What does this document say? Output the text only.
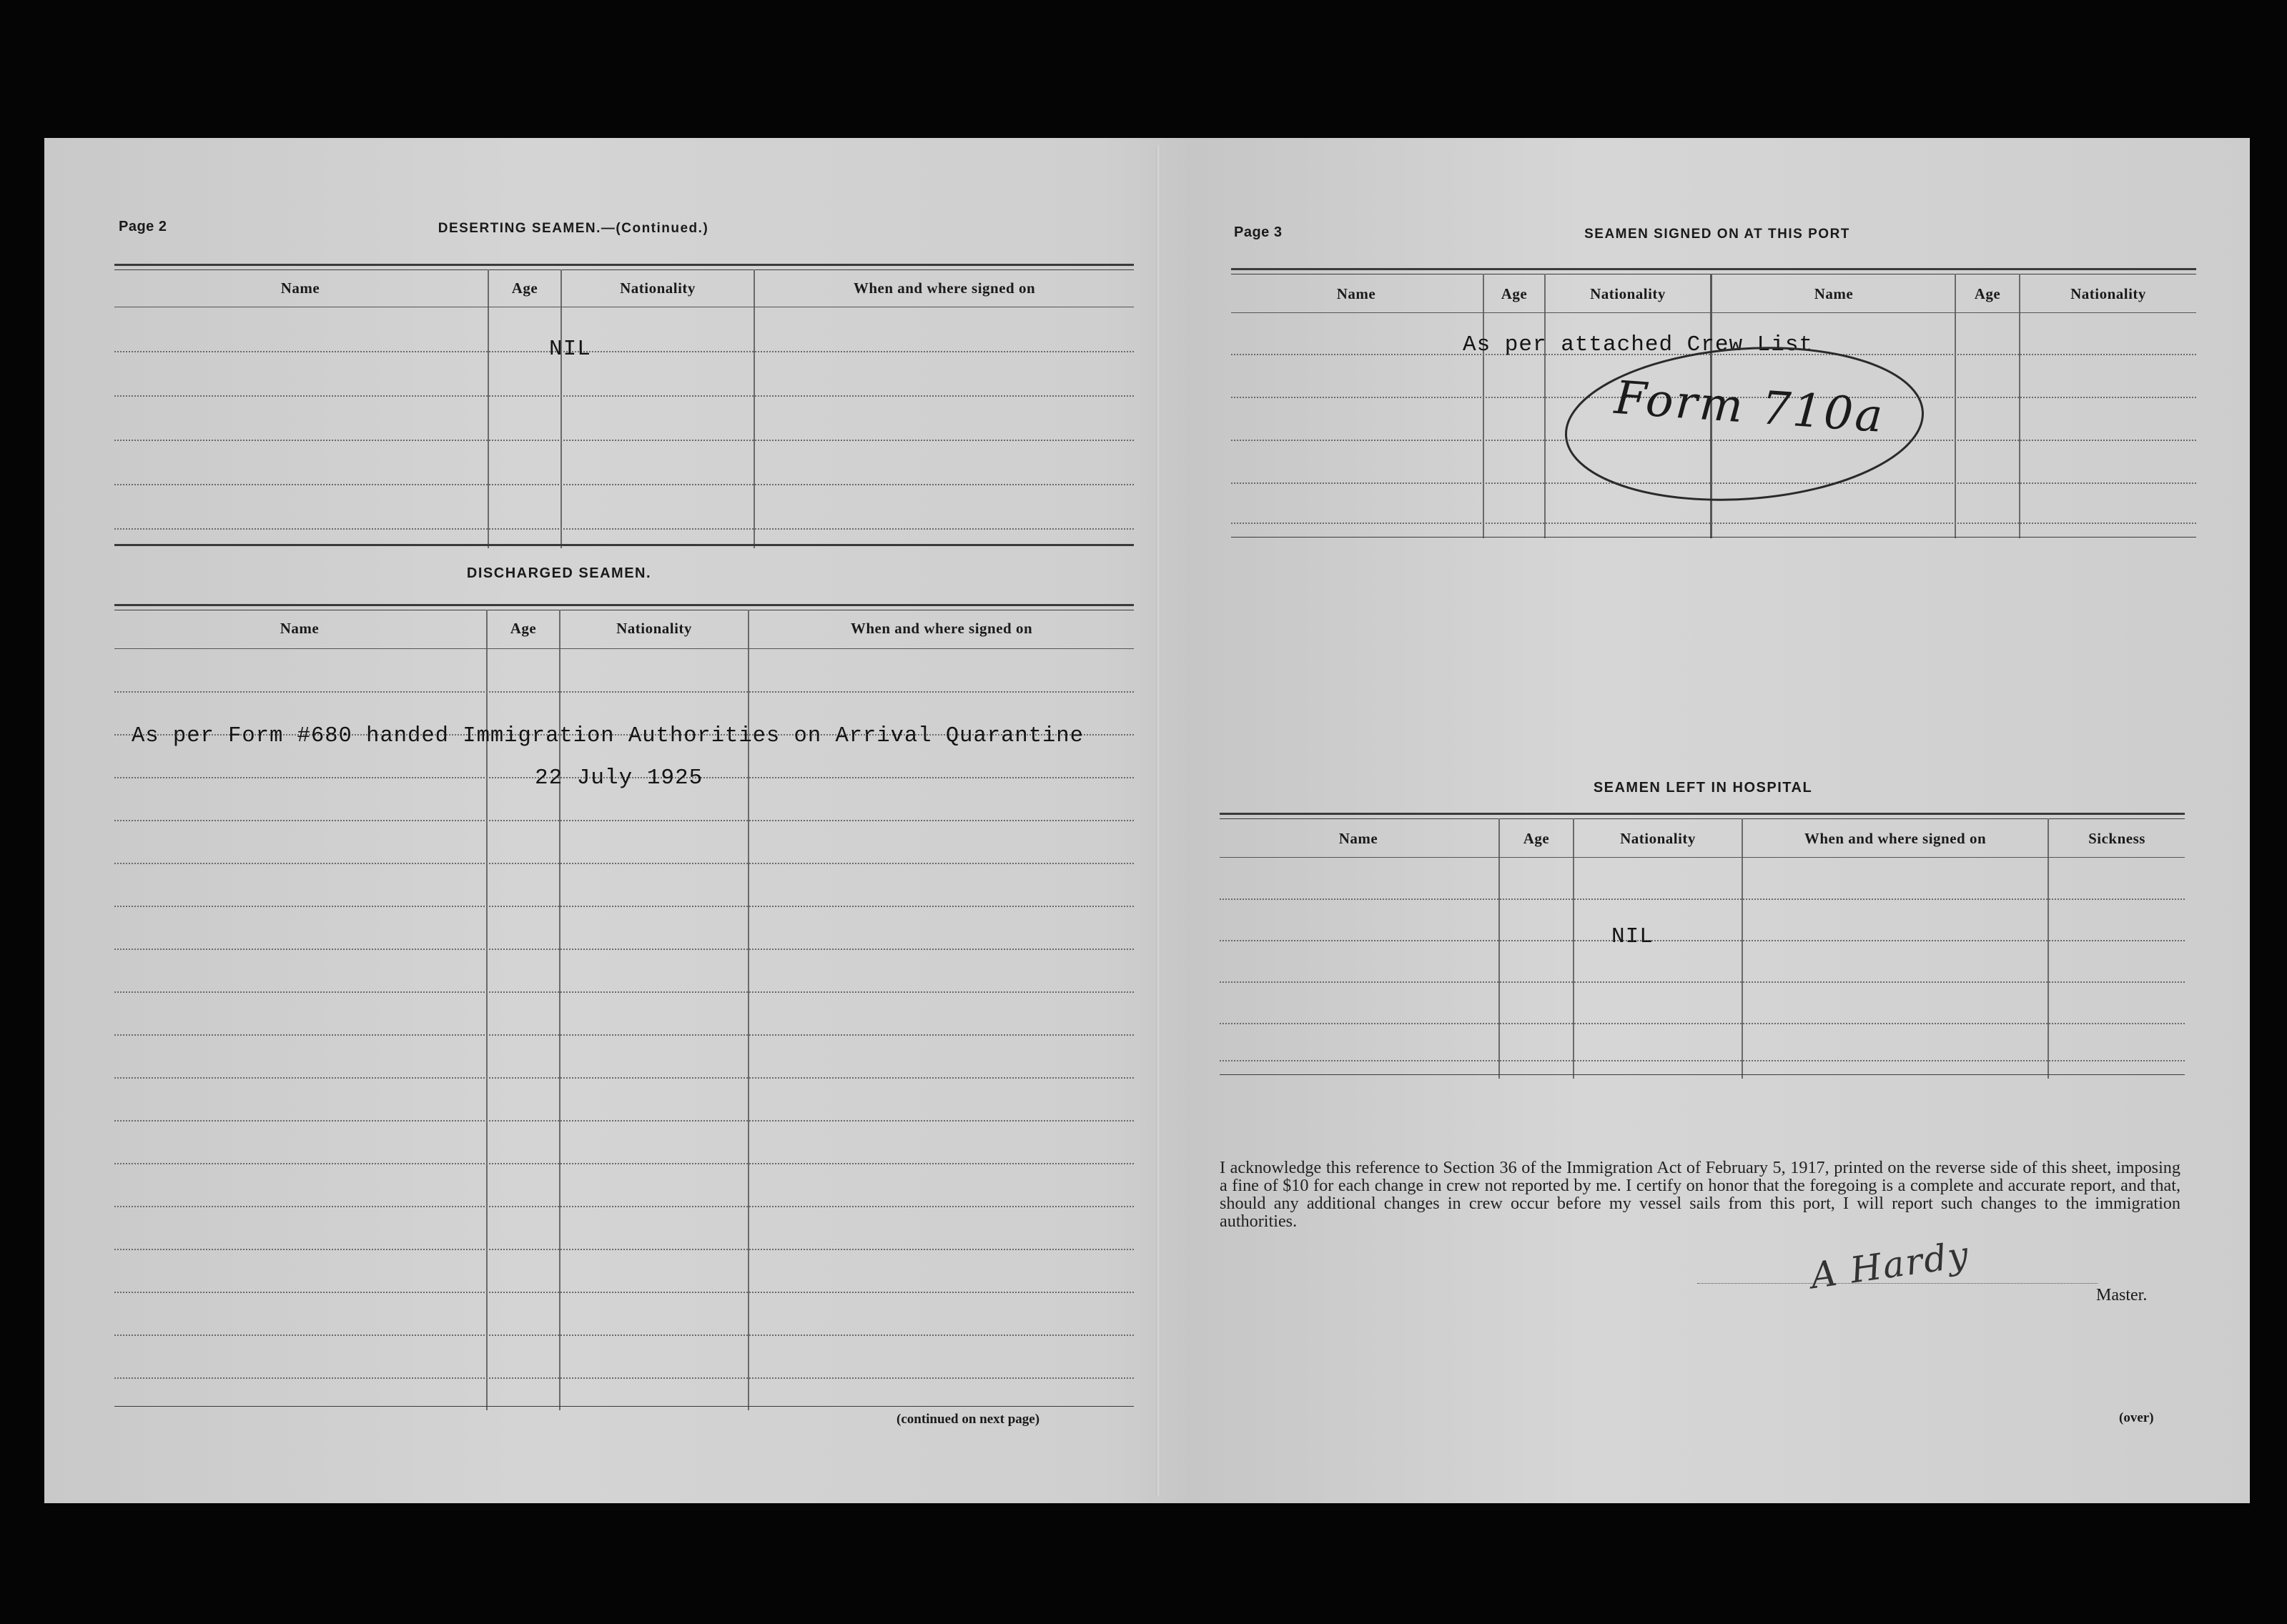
Page 2	DESERTING SEAMEN.—(Continued.)
Name	Age	Nationality	When and where signed on
NIL
DISCHARGED SEAMEN.
Name	Age	Nationality	When and where signed on
As per Form #680 handed Immigration Authorities on Arrival Quarantine
22 July 1925
(continued on next page)
Page 3	SEAMEN SIGNED ON AT THIS PORT
Name	Age	Nationality	Name	Age	Nationality
As per attached Crew List
Form 710a
SEAMEN LEFT IN HOSPITAL
Name	Age	Nationality	When and where signed on	Sickness
NIL
I acknowledge this reference to Section 36 of the Immigration Act of February 5, 1917, printed on the reverse side of this sheet, imposing a fine of $10 for each change in crew not reported by me. I certify on honor that the foregoing is a complete and accurate report, and that, should any additional changes in crew occur before my vessel sails from this port, I will report such changes to the immigration authorities.
A Hardy	Master.
(over)
